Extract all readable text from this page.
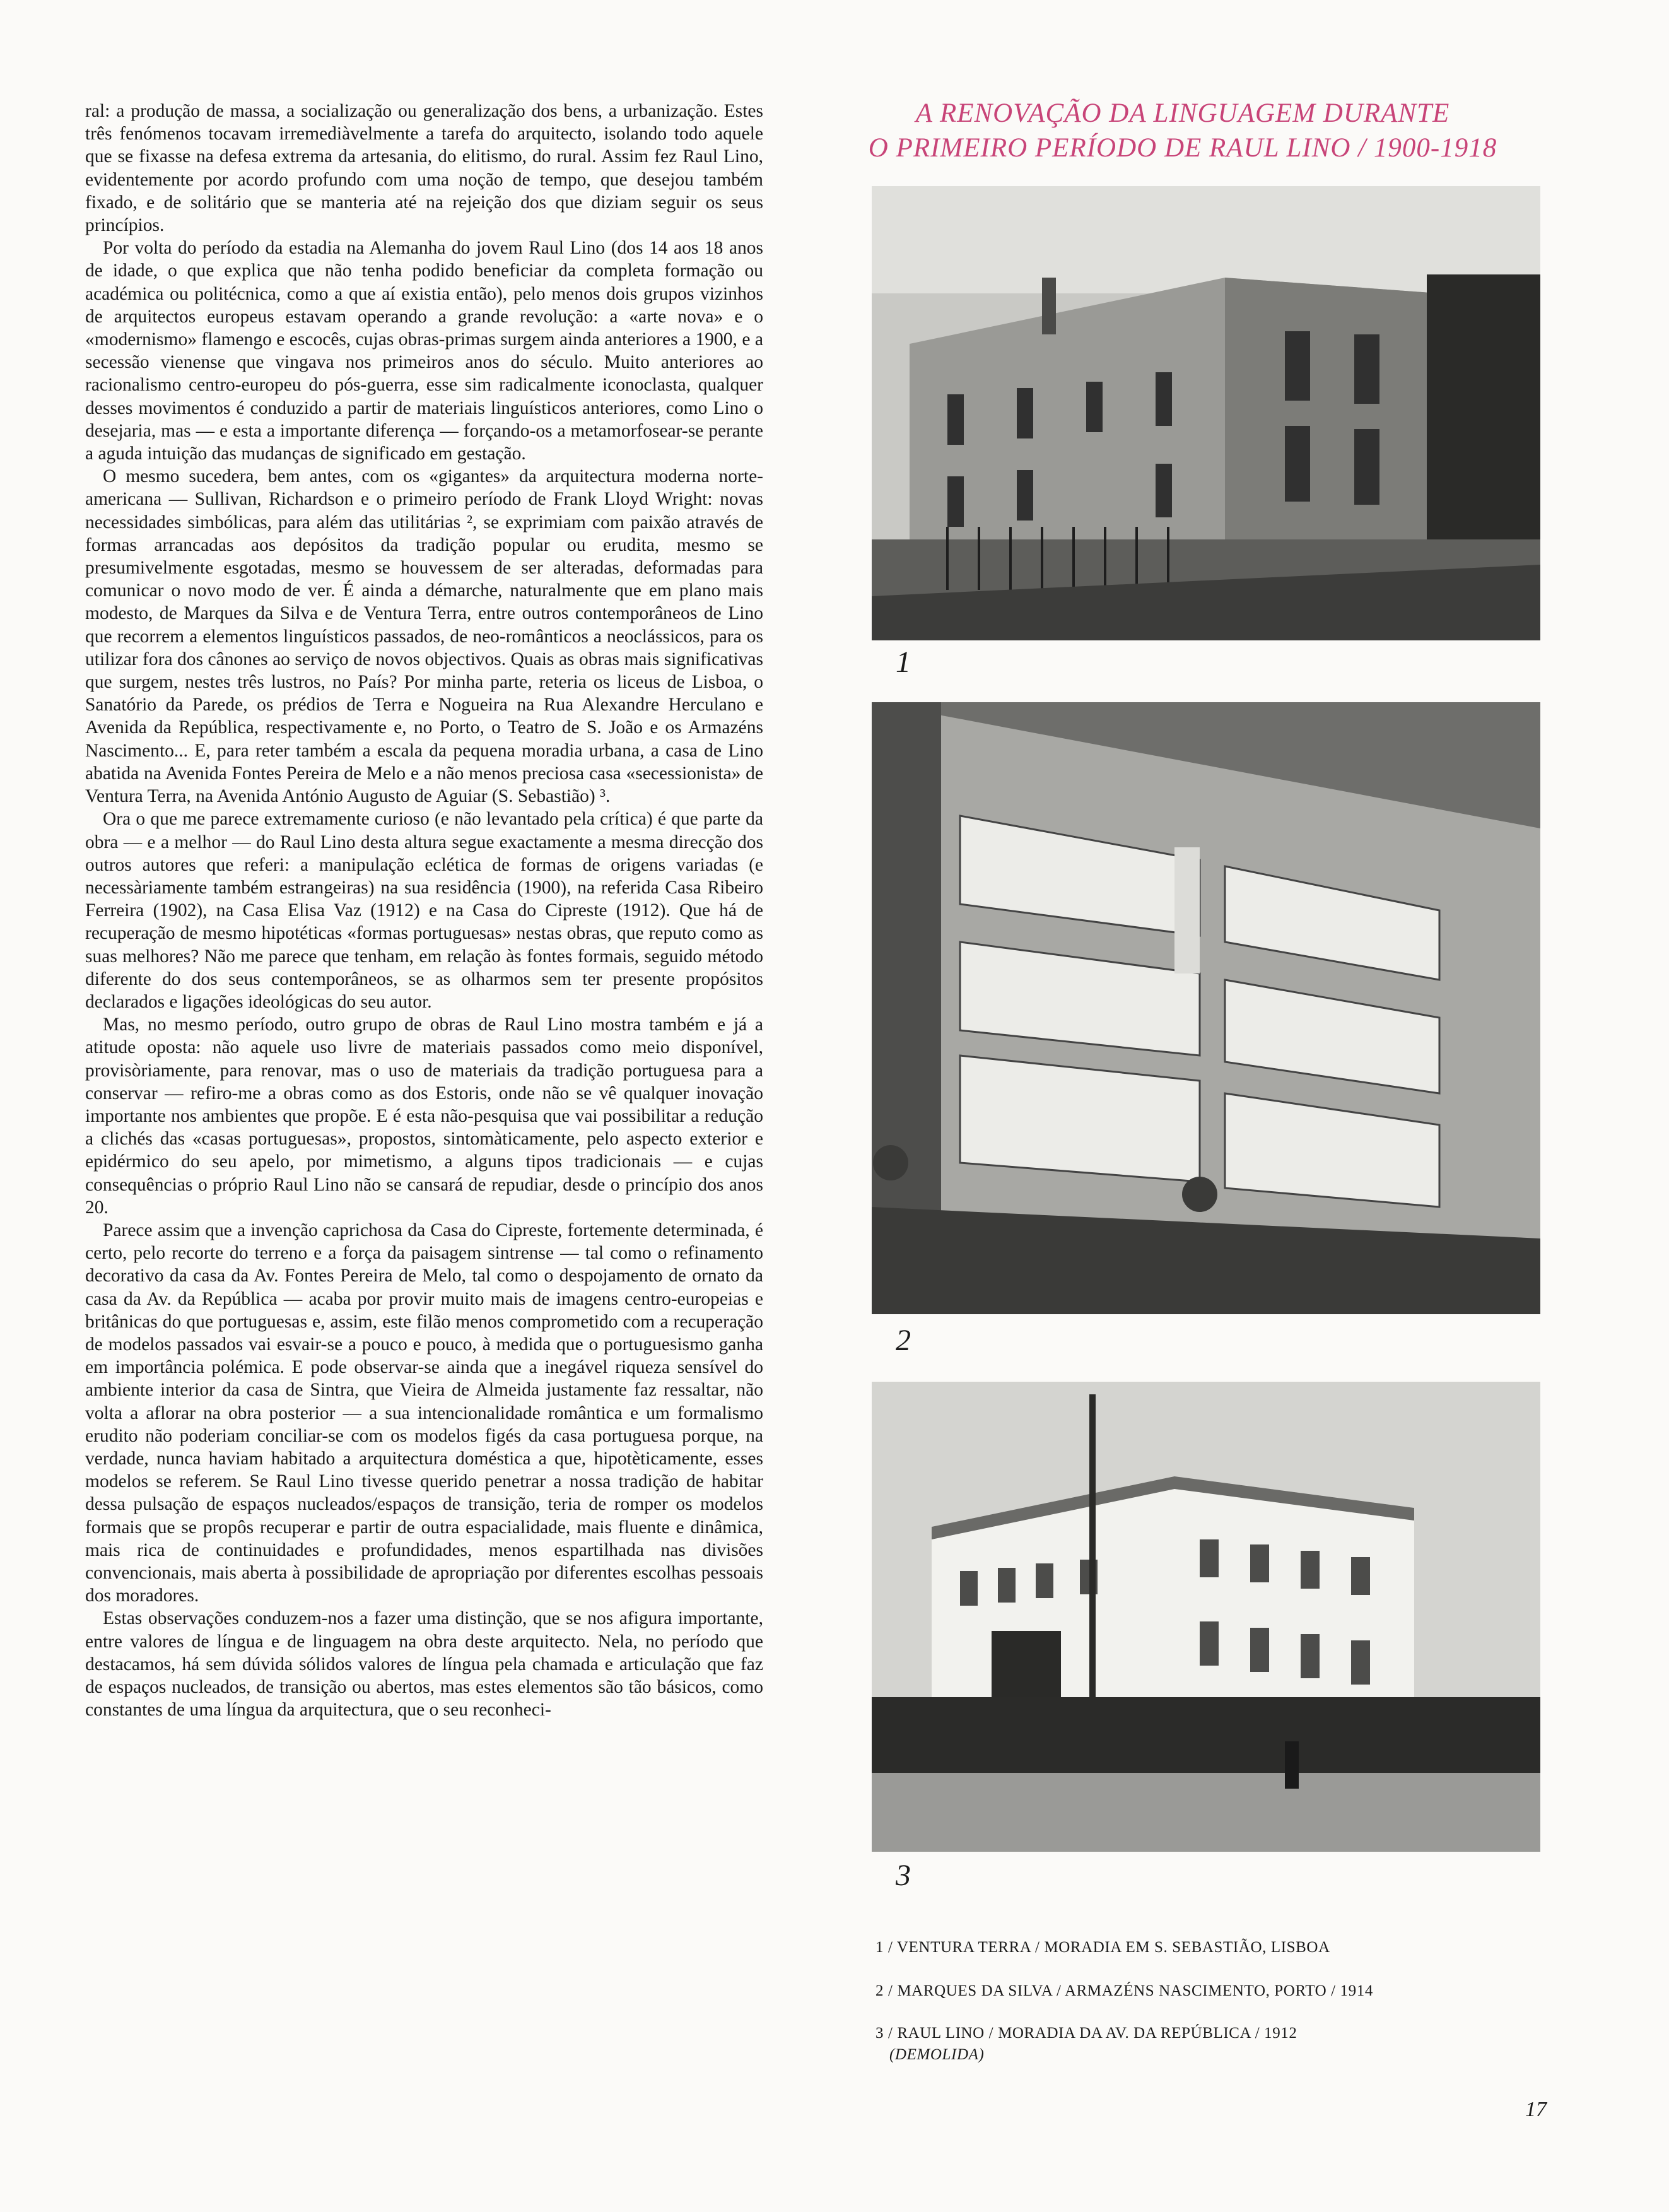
ral: a produção de massa, a socialização ou generalização dos bens, a urbanização. Estes três fenómenos tocavam irremediàvelmente a tarefa do arquitecto, isolando todo aquele que se fixasse na defesa extrema da artesania, do elitismo, do rural. Assim fez Raul Lino, evidentemente por acordo profundo com uma noção de tempo, que desejou também fixado, e de solitário que se manteria até na rejeição dos que diziam seguir os seus princípios.

Por volta do período da estadia na Alemanha do jovem Raul Lino (dos 14 aos 18 anos de idade, o que explica que não tenha podido beneficiar da completa formação ou académica ou politécnica, como a que aí existia então), pelo menos dois grupos vizinhos de arquitectos europeus estavam operando a grande revolução: a «arte nova» e o «modernismo» flamengo e escocês, cujas obras-primas surgem ainda anteriores a 1900, e a secessão vienense que vingava nos primeiros anos do século. Muito anteriores ao racionalismo centro-europeu do pós-guerra, esse sim radicalmente iconoclasta, qualquer desses movimentos é conduzido a partir de materiais linguísticos anteriores, como Lino o desejaria, mas — e esta a importante diferença — forçando-os a metamorfosear-se perante a aguda intuição das mudanças de significado em gestação.

O mesmo sucedera, bem antes, com os «gigantes» da arquitectura moderna norte-americana — Sullivan, Richardson e o primeiro período de Frank Lloyd Wright: novas necessidades simbólicas, para além das utilitárias ², se exprimiam com paixão através de formas arrancadas aos depósitos da tradição popular ou erudita, mesmo se presumivelmente esgotadas, mesmo se houvessem de ser alteradas, deformadas para comunicar o novo modo de ver. É ainda a démarche, naturalmente que em plano mais modesto, de Marques da Silva e de Ventura Terra, entre outros contemporâneos de Lino que recorrem a elementos linguísticos passados, de neo-românticos a neoclássicos, para os utilizar fora dos cânones ao serviço de novos objectivos. Quais as obras mais significativas que surgem, nestes três lustros, no País? Por minha parte, reteria os liceus de Lisboa, o Sanatório da Parede, os prédios de Terra e Nogueira na Rua Alexandre Herculano e Avenida da República, respectivamente e, no Porto, o Teatro de S. João e os Armazéns Nascimento... E, para reter também a escala da pequena moradia urbana, a casa de Lino abatida na Avenida Fontes Pereira de Melo e a não menos preciosa casa «secessionista» de Ventura Terra, na Avenida António Augusto de Aguiar (S. Sebastião) ³.

Ora o que me parece extremamente curioso (e não levantado pela crítica) é que parte da obra — e a melhor — do Raul Lino desta altura segue exactamente a mesma direcção dos outros autores que referi: a manipulação eclética de formas de origens variadas (e necessàriamente também estrangeiras) na sua residência (1900), na referida Casa Ribeiro Ferreira (1902), na Casa Elisa Vaz (1912) e na Casa do Cipreste (1912). Que há de recuperação de mesmo hipotéticas «formas portuguesas» nestas obras, que reputo como as suas melhores? Não me parece que tenham, em relação às fontes formais, seguido método diferente do dos seus contemporâneos, se as olharmos sem ter presente propósitos declarados e ligações ideológicas do seu autor.

Mas, no mesmo período, outro grupo de obras de Raul Lino mostra também e já a atitude oposta: não aquele uso livre de materiais passados como meio disponível, provisòriamente, para renovar, mas o uso de materiais da tradição portuguesa para a conservar — refiro-me a obras como as dos Estoris, onde não se vê qualquer inovação importante nos ambientes que propõe. E é esta não-pesquisa que vai possibilitar a redução a clichés das «casas portuguesas», propostos, sintomàticamente, pelo aspecto exterior e epidérmico do seu apelo, por mimetismo, a alguns tipos tradicionais — e cujas consequências o próprio Raul Lino não se cansará de repudiar, desde o princípio dos anos 20.

Parece assim que a invenção caprichosa da Casa do Cipreste, fortemente determinada, é certo, pelo recorte do terreno e a força da paisagem sintrense — tal como o refinamento decorativo da casa da Av. Fontes Pereira de Melo, tal como o despojamento de ornato da casa da Av. da República — acaba por provir muito mais de imagens centro-europeias e britânicas do que portuguesas e, assim, este filão menos comprometido com a recuperação de modelos passados vai esvair-se a pouco e pouco, à medida que o portuguesismo ganha em importância polémica. E pode observar-se ainda que a inegável riqueza sensível do ambiente interior da casa de Sintra, que Vieira de Almeida justamente faz ressaltar, não volta a aflorar na obra posterior — a sua intencionalidade romântica e um formalismo erudito não poderiam conciliar-se com os modelos figés da casa portuguesa porque, na verdade, nunca haviam habitado a arquitectura doméstica a que, hipotèticamente, esses modelos se referem. Se Raul Lino tivesse querido penetrar a nossa tradição de habitar dessa pulsação de espaços nucleados/espaços de transição, teria de romper os modelos formais que se propôs recuperar e partir de outra espacialidade, mais fluente e dinâmica, mais rica de continuidades e profundidades, menos espartilhada nas divisões convencionais, mais aberta à possibilidade de apropriação por diferentes escolhas pessoais dos moradores.

Estas observações conduzem-nos a fazer uma distinção, que se nos afigura importante, entre valores de língua e de linguagem na obra deste arquitecto. Nela, no período que destacamos, há sem dúvida sólidos valores de língua pela chamada e articulação que faz de espaços nucleados, de transição ou abertos, mas estes elementos são tão básicos, como constantes de uma língua da arquitectura, que o seu reconheci-

A RENOVAÇÃO DA LINGUAGEM DURANTE
O PRIMEIRO PERÍODO DE RAUL LINO / 1900-1918
1
2
3
1 / VENTURA TERRA / MORADIA EM S. SEBASTIÃO, LISBOA
2 / MARQUES DA SILVA / ARMAZÉNS NASCIMENTO, PORTO / 1914
3 / RAUL LINO / MORADIA DA AV. DA REPÚBLICA / 1912
(DEMOLIDA)
17
